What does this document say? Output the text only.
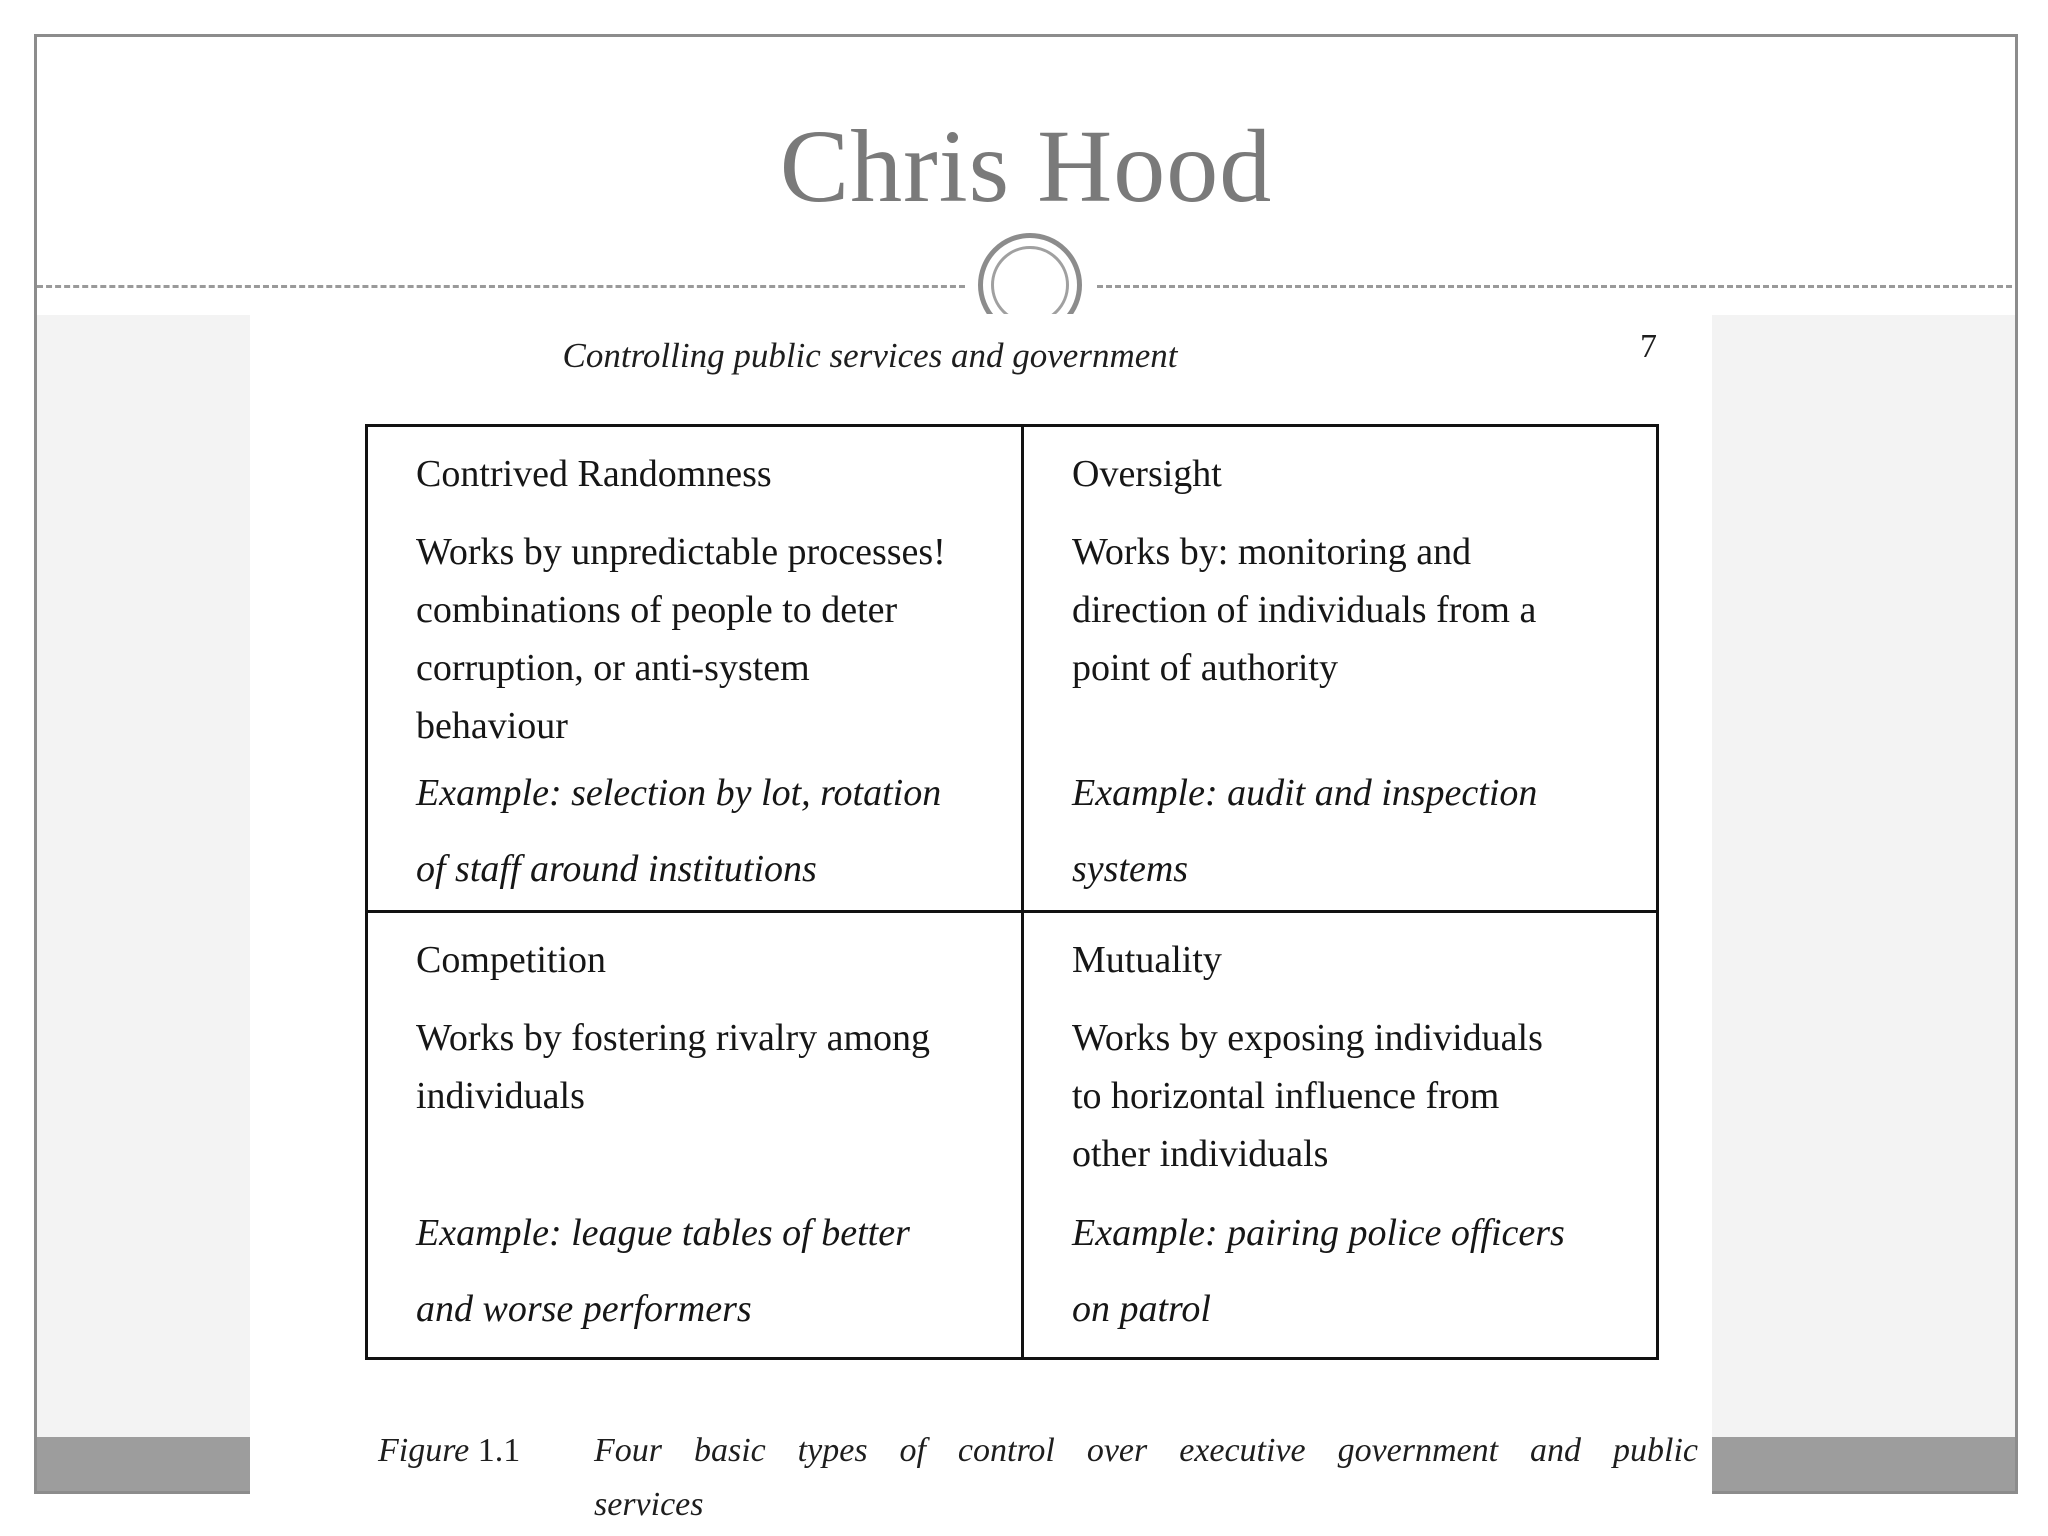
Chris Hood
Controlling public services and government	7

Contrived Randomness

Works by unpredictable processes!
combinations of people to deter
corruption, or anti-system
behaviour

Example: selection by lot, rotation
of staff around institutions

Oversight

Works by: monitoring and
direction of individuals from a
point of authority

Example: audit and inspection
systems

Competition

Works by fostering rivalry among
individuals

Example: league tables of better
and worse performers

Mutuality

Works by exposing individuals
to horizontal influence from
other individuals

Example: pairing police officers
on patrol

Figure 1.1 Four basic types of control over executive government and public services
